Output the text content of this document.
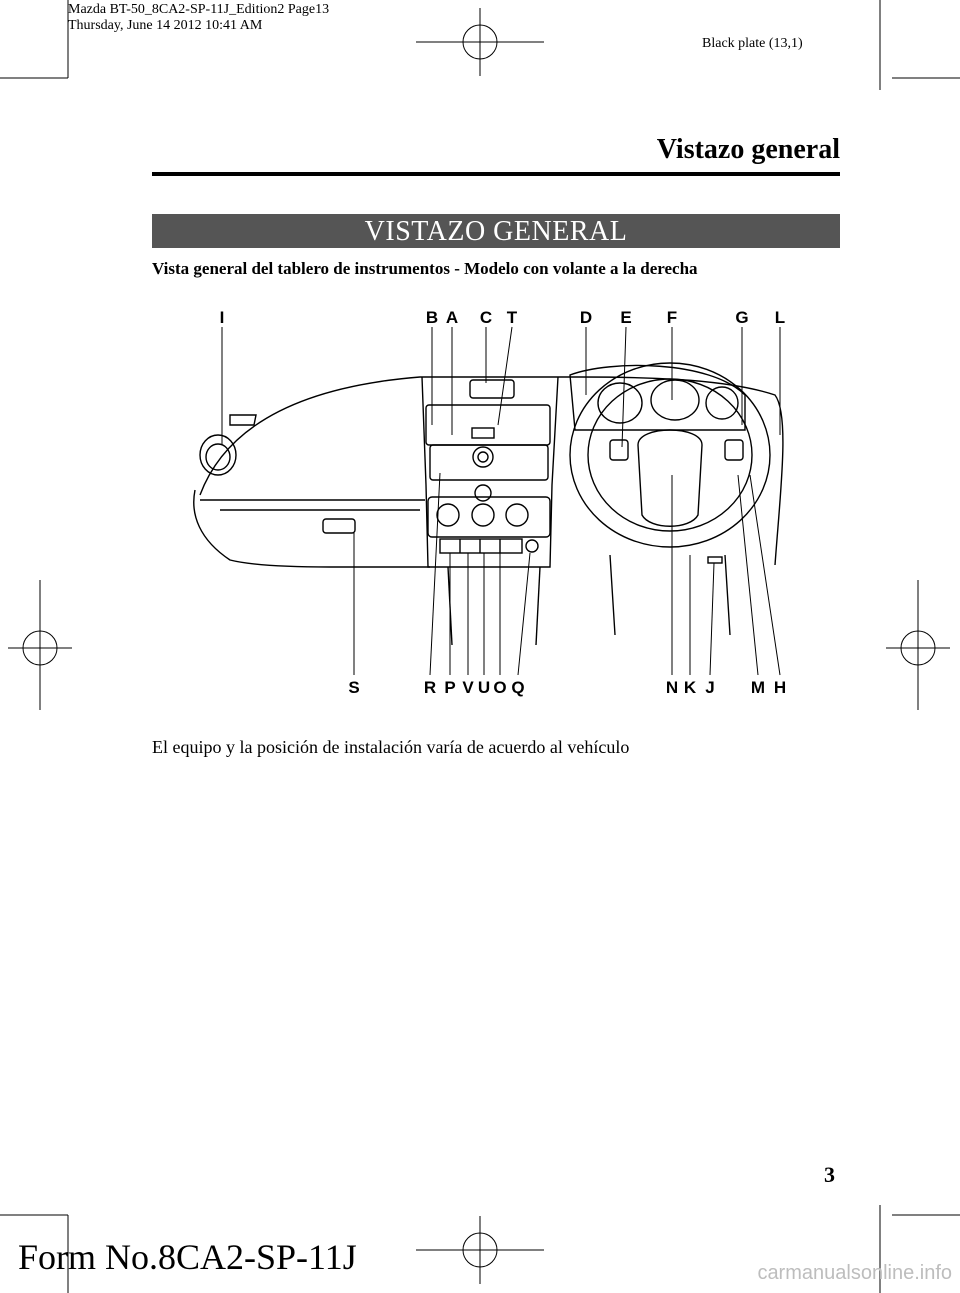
Mazda BT-50_8CA2-SP-11J_Edition2 Page13
Thursday, June 14 2012 10:41 AM
Black plate (13,1)
Vistazo general
VISTAZO GENERAL
Vista general del tablero de instrumentos - Modelo con volante a la derecha
I	B A C T	D E F	G L
S	R P V U O Q	N K J M H
El equipo y la posición de instalación varía de acuerdo al vehículo
3
Form No.8CA2-SP-11J	carmanualsonline.info
